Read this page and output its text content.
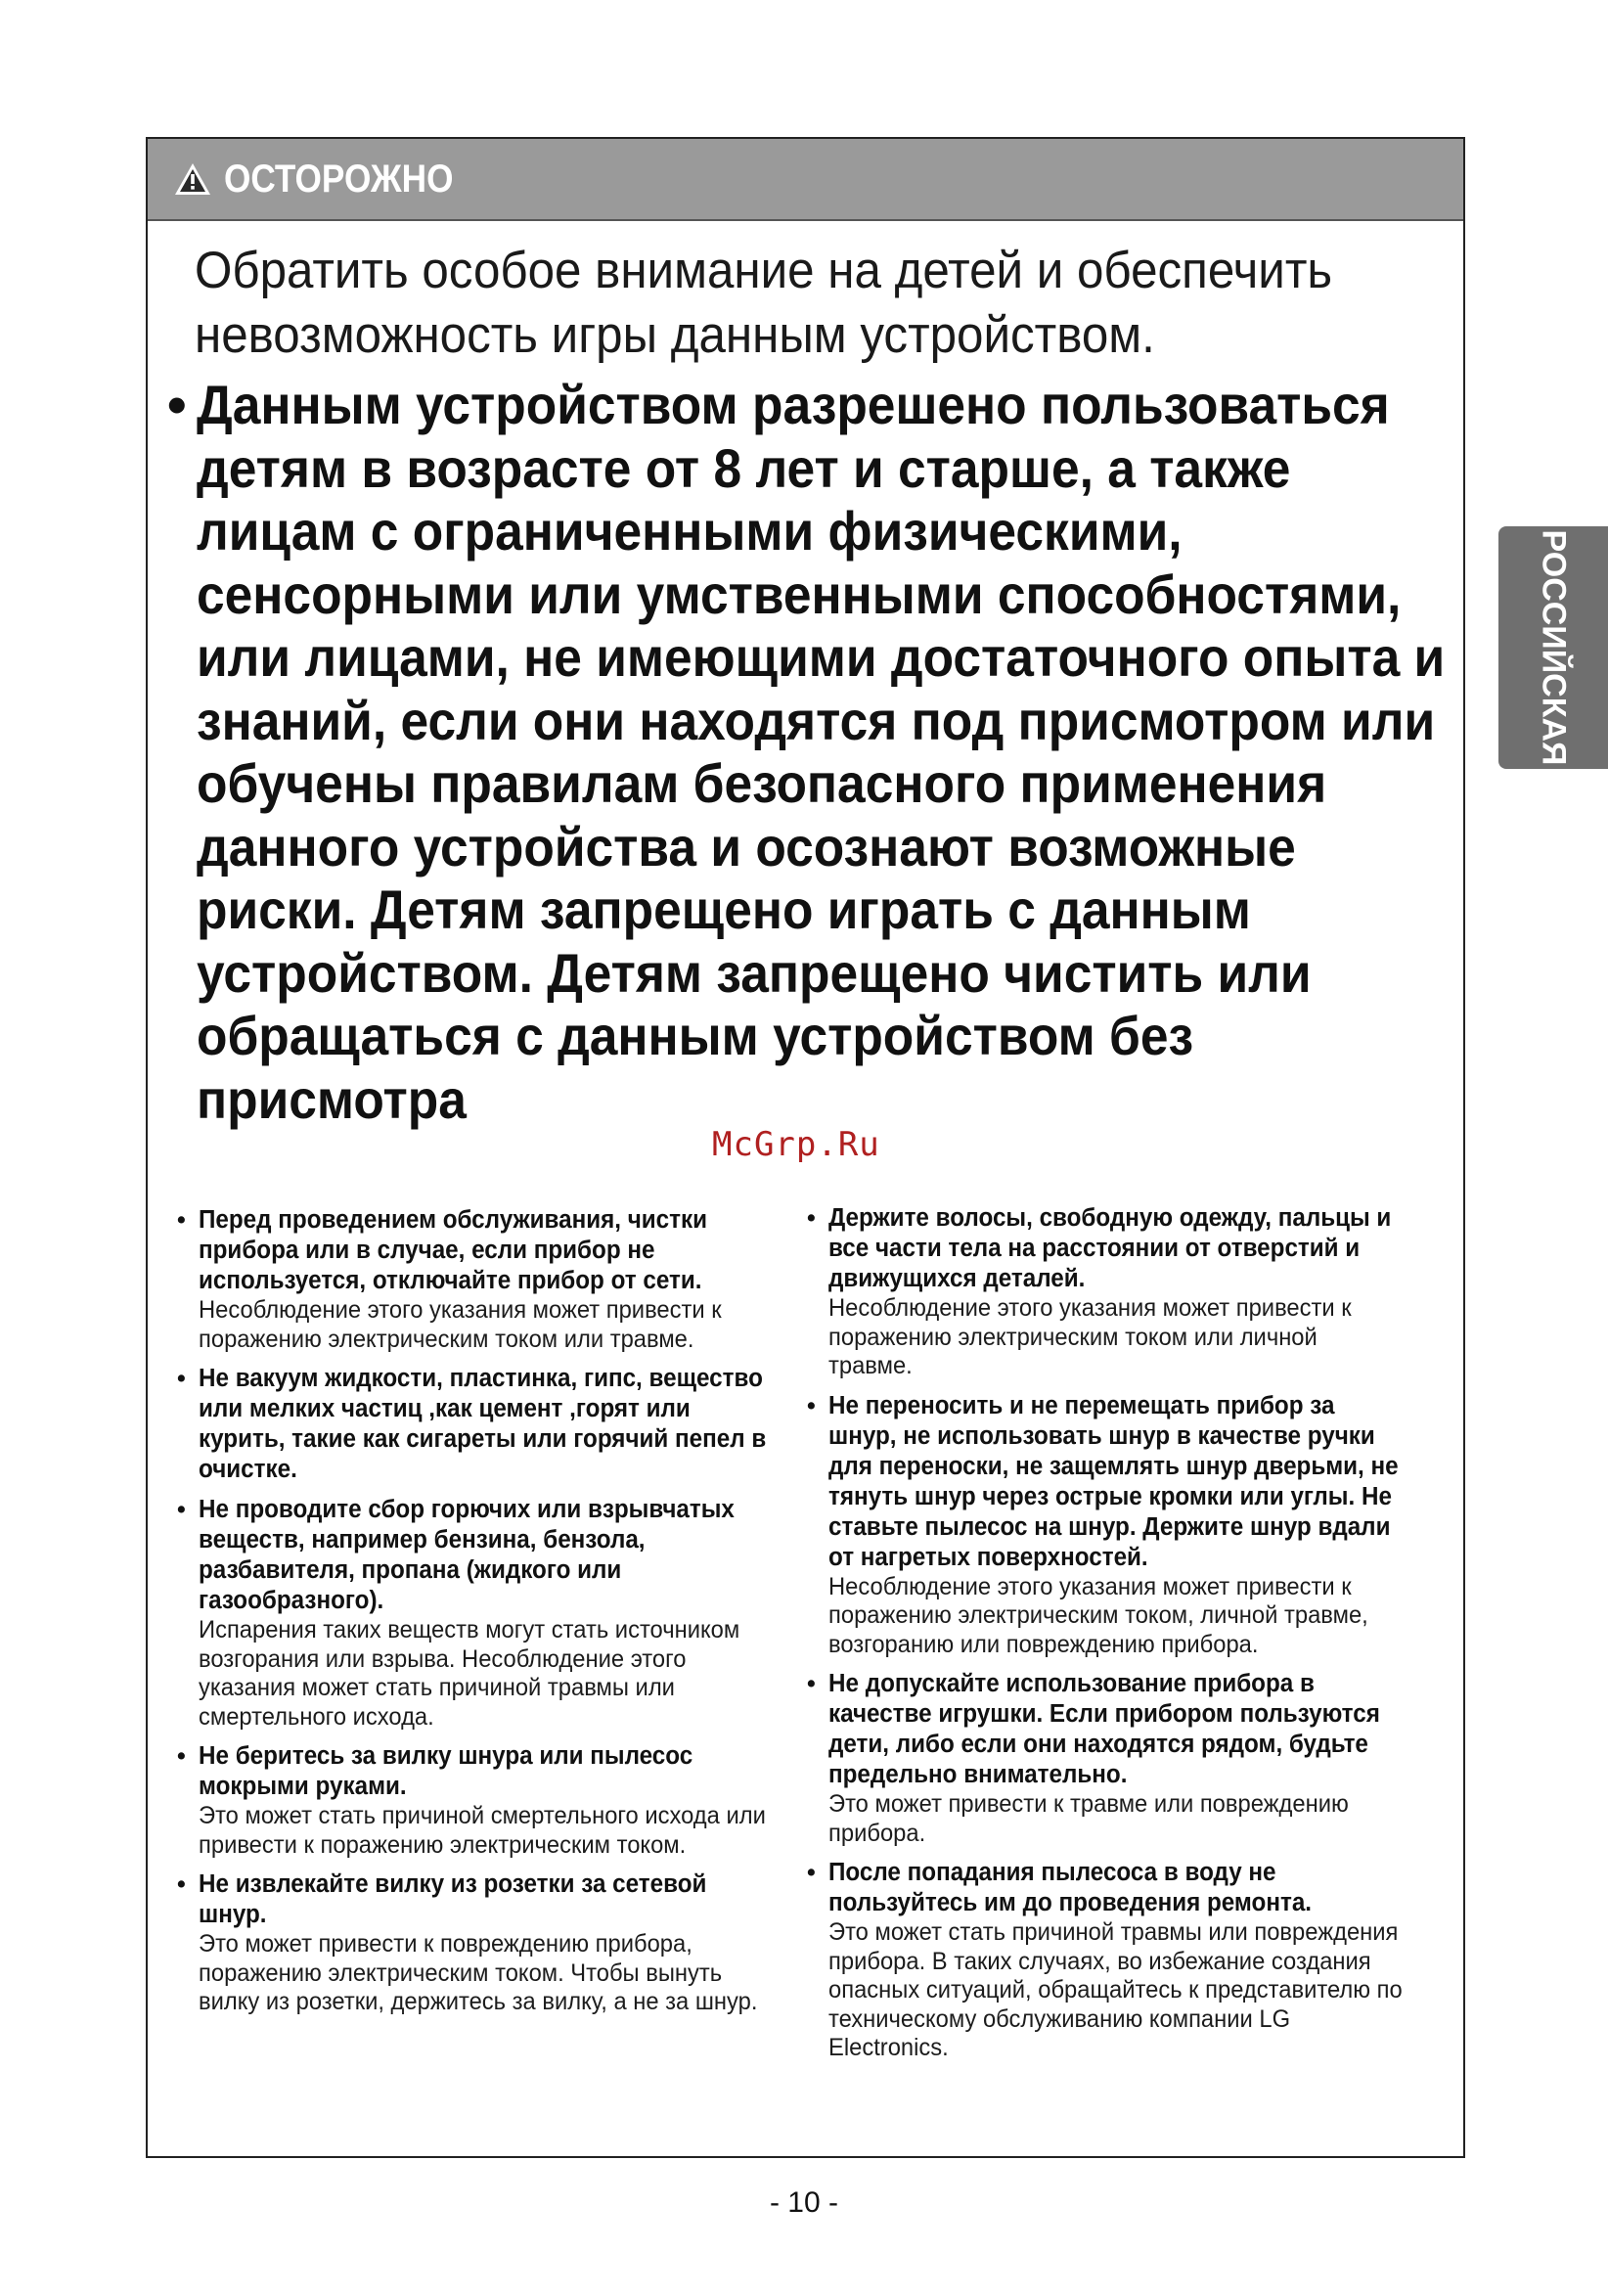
ОСТОРОЖНО
Обратить особое внимание на детей и обеспечить невозможность игры данным устройством.
• Данным устройством разрешено пользоваться детям в возрасте от 8 лет и старше, а также лицам с ограниченными физическими, сенсорными или умственными способностями, или лицами, не имеющими достаточного опыта и знаний, если они находятся под присмотром или обучены правилам безопасного применения данного устройства и осознают возможные риски. Детям запрещено играть с данным устройством. Детям запрещено чистить или обращаться с данным устройством без присмотра
• Перед проведением обслуживания, чистки прибора или в случае, если прибор не используется, отключайте прибор от сети.
Несоблюдение этого указания может привести к поражению электрическим током или травме.
• Не вакуум жидкости, пластинка, гипс, вещество или мелких частиц ,как цемент ,горят или курить, такие как сигареты или горячий пепел в очистке.
• Не проводите сбор горючих или взрывчатых веществ, например бензина, бензола, разбавителя, пропана (жидкого или газообразного).
Испарения таких веществ могут стать источником возгорания или взрыва. Несоблюдение этого указания может стать причиной травмы или смертельного исхода.
• Не беритесь за вилку шнура или пылесос мокрыми руками.
Это может стать причиной смертельного исхода или привести к поражению электрическим током.
• Не извлекайте вилку из розетки за сетевой шнур.
Это может привести к повреждению прибора, поражению электрическим током. Чтобы вынуть вилку из розетки, держитесь за вилку, а не за шнур.
• Держите волосы, свободную одежду, пальцы и все части тела на расстоянии от отверстий и движущихся деталей.
Несоблюдение этого указания может привести к поражению электрическим током или личной травме.
• Не переносить и не перемещать прибор за шнур, не использовать шнур в качестве ручки для переноски, не защемлять шнур дверьми, не тянуть шнур через острые кромки или углы. Не ставьте пылесос на шнур. Держите шнур вдали от нагретых поверхностей.
Несоблюдение этого указания может привести к поражению электрическим током, личной травме, возгоранию или повреждению прибора.
• Не допускайте использование прибора в качестве игрушки. Если прибором пользуются дети, либо если они находятся рядом, будьте предельно внимательно.
Это может привести к травме или повреждению прибора.
• После попадания пылесоса в воду не пользуйтесь им до проведения ремонта.
Это может стать причиной травмы или повреждения прибора. В таких случаях, во избежание создания опасных ситуаций, обращайтесь к представителю по техническому обслуживанию компании LG Electronics.
McGrp.Ru
РОССИЙСКАЯ
- 10 -
